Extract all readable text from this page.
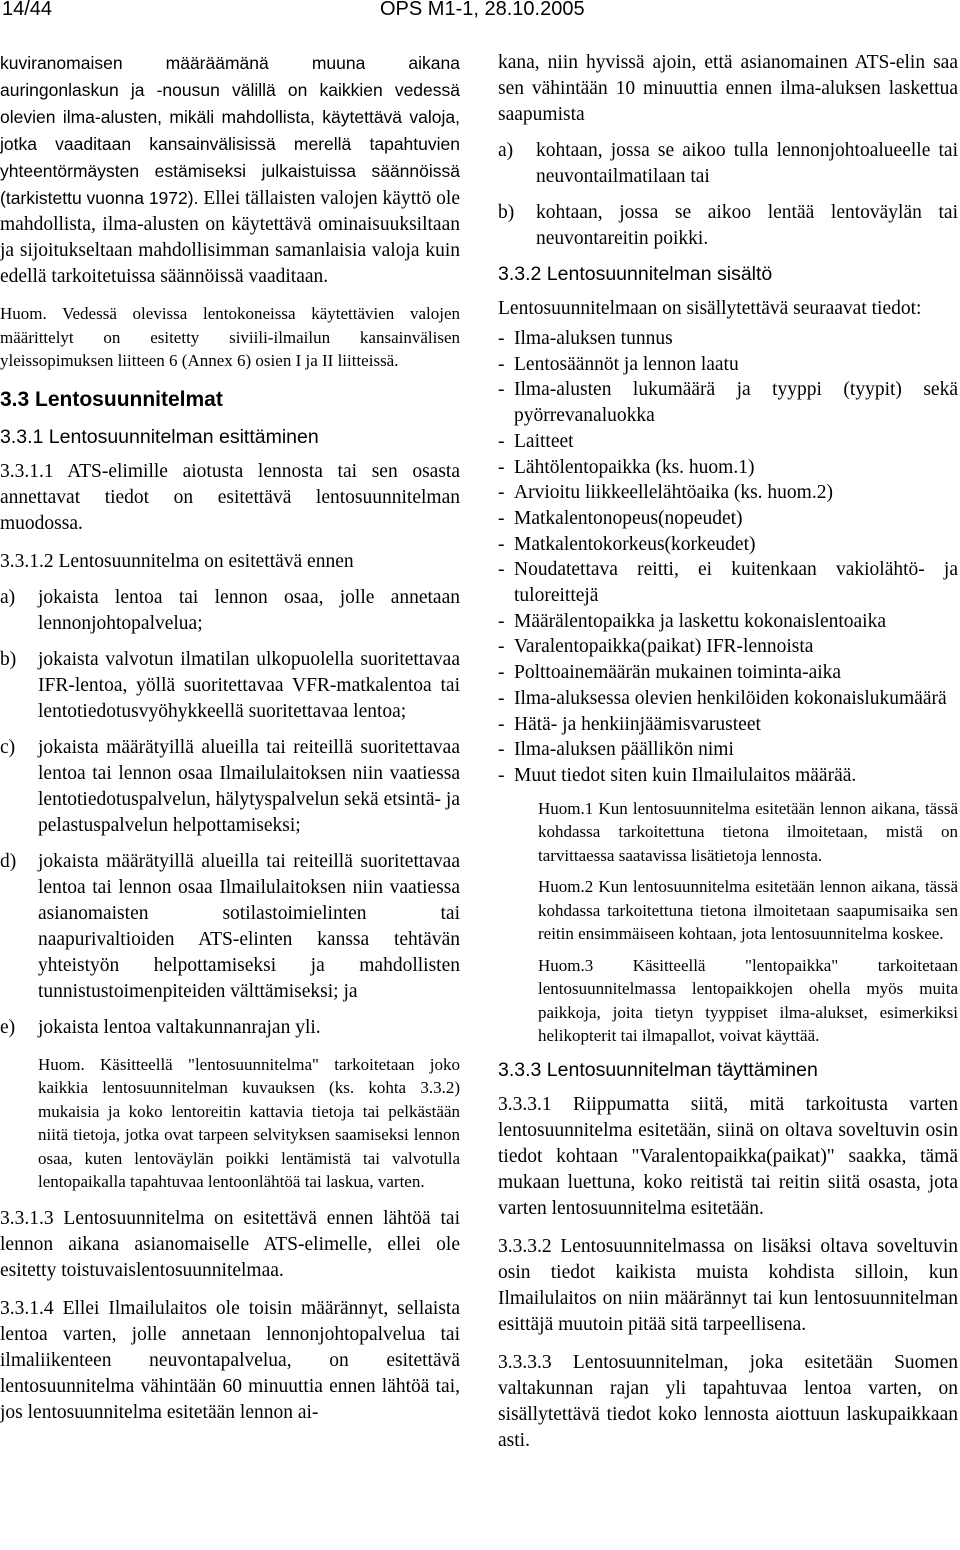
14/44	OPS M1-1, 28.10.2005

kuviranomaisen määräämänä muuna aikana auringonlaskun ja -nousun välillä on kaikkien vedessä olevien ilma-alusten, mikäli mahdollista, käytettävä valoja, jotka vaaditaan kansainvälisissä merellä tapahtuvien yhteentörmäysten estämiseksi julkaistuissa säännöissä (tarkistettu vuonna 1972). Ellei tällaisten valojen käyttö ole mahdollista, ilma-alusten on käytettävä ominaisuuksiltaan ja sijoitukseltaan mahdollisimman samanlaisia valoja kuin edellä tarkoitetuissa säännöissä vaaditaan.

Huom. Vedessä olevissa lentokoneissa käytettävien valojen määrittelyt on esitetty siviili-ilmailun kansainvälisen yleissopimuksen liitteen 6 (Annex 6) osien I ja II liitteissä.

3.3 Lentosuunnitelmat
3.3.1 Lentosuunnitelman esittäminen

3.3.1.1 ATS-elimille aiotusta lennosta tai sen osasta annettavat tiedot on esitettävä lentosuunnitelman muodossa.

3.3.1.2 Lentosuunnitelma on esitettävä ennen

a)	jokaista lentoa tai lennon osaa, jolle annetaan lennonjohtopalvelua;
b)	jokaista valvotun ilmatilan ulkopuolella suoritettavaa IFR-lentoa, yöllä suoritettavaa VFR-matkalentoa tai lentotiedotusvyöhykkeellä suoritettavaa lentoa;
c)	jokaista määrätyillä alueilla tai reiteillä suoritettavaa lentoa tai lennon osaa Ilmailulaitoksen niin vaatiessa lentotiedotuspalvelun, hälytyspalvelun sekä etsintä- ja pelastuspalvelun helpottamiseksi;
d)	jokaista määrätyillä alueilla tai reiteillä suoritettavaa lentoa tai lennon osaa Ilmailulaitoksen niin vaatiessa asianomaisten sotilastoimielinten tai naapurivaltioiden ATS-elinten kanssa tehtävän yhteistyön helpottamiseksi ja mahdollisten tunnistustoimenpiteiden välttämiseksi; ja
e)	jokaista lentoa valtakunnanrajan yli.

Huom. Käsitteellä "lentosuunnitelma" tarkoitetaan joko kaikkia lentosuunnitelman kuvauksen (ks. kohta 3.3.2) mukaisia ja koko lentoreitin kattavia tietoja tai pelkästään niitä tietoja, jotka ovat tarpeen selvityksen saamiseksi lennon osaa, kuten lentoväylän poikki lentämistä tai valvotulla lentopaikalla tapahtuvaa lentoonlähtöä tai laskua, varten.

3.3.1.3 Lentosuunnitelma on esitettävä ennen lähtöä tai lennon aikana asianomaiselle ATS-elimelle, ellei ole esitetty toistuvaislentosuunnitelmaa.

3.3.1.4 Ellei Ilmailulaitos ole toisin määrännyt, sellaista lentoa varten, jolle annetaan lennonjohtopalvelua tai ilmaliikenteen neuvontapalvelua, on esitettävä lentosuunnitelma vähintään 60 minuuttia ennen lähtöä tai, jos lentosuunnitelma esitetään lennon ai-

kana, niin hyvissä ajoin, että asianomainen ATS-elin saa sen vähintään 10 minuuttia ennen ilma-aluksen laskettua saapumista

a)	kohtaan, jossa se aikoo tulla lennonjohtoalueelle tai neuvontailmatilaan tai
b)	kohtaan, jossa se aikoo lentää lentoväylän tai neuvontareitin poikki.
3.3.2 Lentosuunnitelman sisältö

Lentosuunnitelmaan on sisällytettävä seuraavat tiedot:

- Ilma-aluksen tunnus
- Lentosäännöt ja lennon laatu
- Ilma-alusten lukumäärä ja tyyppi (tyypit) sekä pyörrevanaluokka
- Laitteet
- Lähtölentopaikka (ks. huom.1)
- Arvioitu liikkeellelähtöaika (ks. huom.2)
- Matkalentonopeus(nopeudet)
- Matkalentokorkeus(korkeudet)
- Noudatettava reitti, ei kuitenkaan vakiolähtö- ja tuloreittejä
- Määrälentopaikka ja laskettu kokonaislentoaika
- Varalentopaikka(paikat) IFR-lennoista
- Polttoainemäärän mukainen toiminta-aika
- Ilma-aluksessa olevien henkilöiden kokonaislukumäärä
- Hätä- ja henkiinjäämisvarusteet
- Ilma-aluksen päällikön nimi
- Muut tiedot siten kuin Ilmailulaitos määrää.

Huom.1 Kun lentosuunnitelma esitetään lennon aikana, tässä kohdassa tarkoitettuna tietona ilmoitetaan, mistä on tarvittaessa saatavissa lisätietoja lennosta.

Huom.2 Kun lentosuunnitelma esitetään lennon aikana, tässä kohdassa tarkoitettuna tietona ilmoitetaan saapumisaika sen reitin ensimmäiseen kohtaan, jota lentosuunnitelma koskee.

Huom.3 Käsitteellä "lentopaikka" tarkoitetaan lentosuunnitelmassa lentopaikkojen ohella myös muita paikkoja, joita tietyn tyyppiset ilma-alukset, esimerkiksi helikopterit tai ilmapallot, voivat käyttää.

3.3.3 Lentosuunnitelman täyttäminen

3.3.3.1 Riippumatta siitä, mitä tarkoitusta varten lentosuunnitelma esitetään, siinä on oltava soveltuvin osin tiedot kohtaan "Varalentopaikka(paikat)" saakka, tämä mukaan luettuna, koko reitistä tai reitin siitä osasta, jota varten lentosuunnitelma esitetään.

3.3.3.2 Lentosuunnitelmassa on lisäksi oltava soveltuvin osin tiedot kaikista muista kohdista silloin, kun Ilmailulaitos on niin määrännyt tai kun lentosuunnitelman esittäjä muutoin pitää sitä tarpeellisena.

3.3.3.3 Lentosuunnitelman, joka esitetään Suomen valtakunnan rajan yli tapahtuvaa lentoa varten, on sisällytettävä tiedot koko lennosta aiottuun laskupaikkaan asti.
